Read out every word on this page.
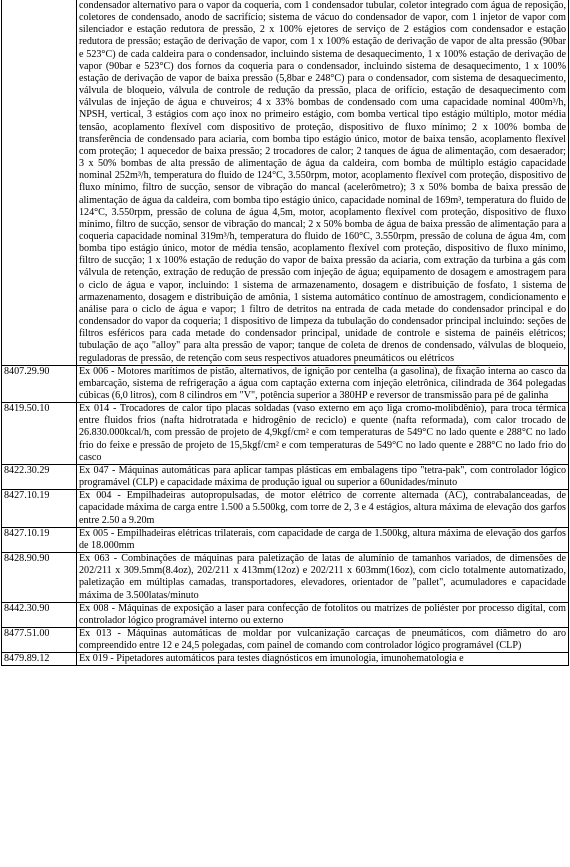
	condensador alternativo para o vapor da coqueria, com 1 condensador tubular, coletor integrado com água de reposição, coletores de condensado, anodo de sacrifício; sistema de vácuo do condensador de vapor, com 1 injetor de vapor com silenciador e estação redutora de pressão, 2 x 100% ejetores de serviço de 2 estágios com condensador e estação redutora de pressão; estação de derivação de vapor, com 1 x 100% estação de derivação de vapor de alta pressão (90bar e 523°C) de cada caldeira para o condensador, incluindo sistema de desaquecimento, 1 x 100% estação de derivação de vapor (90bar e 523°C) dos fornos da coqueria para o condensador, incluindo sistema de desaquecimento, 1 x 100% estação de derivação de vapor de baixa pressão (5,8bar e 248°C) para o condensador, com sistema de desaquecimento, válvula de bloqueio, válvula de controle de redução da pressão, placa de orifício, estação de desaquecimento com válvulas de injeção de água e chuveiros; 4 x 33% bombas de condensado com uma capacidade nominal 400m³/h, NPSH, vertical, 3 estágios com aço inox no primeiro estágio, com bomba vertical tipo estágio múltiplo, motor média tensão, acoplamento flexível com dispositivo de proteção, dispositivo de fluxo mínimo; 2 x 100% bomba de transferência de condensado para aciaria, com bomba tipo estágio único, motor de baixa tensão, acoplamento flexível com proteção; 1 aquecedor de baixa pressão; 2 trocadores de calor; 2 tanques de água de alimentação, com desaerador; 3 x 50% bombas de alta pressão de alimentação de água da caldeira, com bomba de múltiplo estágio capacidade nominal 252m³/h, temperatura do fluido de 124°C, 3.550rpm, motor, acoplamento flexível com proteção, dispositivo de fluxo mínimo, filtro de sucção, sensor de vibração do mancal (acelerômetro); 3 x 50% bomba de baixa pressão de alimentação de água da caldeira, com bomba tipo estágio único, capacidade nominal de 169m³, temperatura do fluido de 124°C, 3.550rpm, pressão de coluna de água 4,5m, motor, acoplamento flexível com proteção, dispositivo de fluxo mínimo, filtro de sucção, sensor de vibração do mancal; 2 x 50% bomba de água de baixa pressão de alimentação para a coqueria capacidade nominal 319m³/h, temperatura do fluido de 160°C, 3.550rpm, pressão de coluna de água 4m, com bomba tipo estágio único, motor de média tensão, acoplamento flexível com proteção, dispositivo de fluxo mínimo, filtro de sucção; 1 x 100% estação de redução do vapor de baixa pressão da aciaria, com extração da turbina a gás com válvula de retenção, extração de redução de pressão com injeção de água; equipamento de dosagem e amostragem para o ciclo de água e vapor, incluindo: 1 sistema de armazenamento, dosagem e distribuição de fosfato, 1 sistema de armazenamento, dosagem e distribuição de amônia, 1 sistema automático contínuo de amostragem, condicionamento e análise para o ciclo de água e vapor; 1 filtro de detritos na entrada de cada metade do condensador principal e do condensador do vapor da coqueria; 1 dispositivo de limpeza da tubulação do condensador principal incluindo: seções de filtros esféricos para cada metade do condensador principal, unidade de controle e sistema de painéis elétricos; tubulação de aço "alloy" para alta pressão de vapor; tanque de coleta de drenos de condensado, válvulas de bloqueio, reguladoras de pressão, de retenção com seus respectivos atuadores pneumáticos ou elétricos
8407.29.90	Ex 006 - Motores marítimos de pistão, alternativos, de ignição por centelha (a gasolina), de fixação interna ao casco da embarcação, sistema de refrigeração a água com captação externa com injeção eletrônica, cilindrada de 364 polegadas cúbicas (6,0 litros), com 8 cilindros em "V", potência superior a 380HP e reversor de transmissão para pé de galinha
8419.50.10	Ex 014 - Trocadores de calor tipo placas soldadas (vaso externo em aço liga cromo-molibdênio), para troca térmica entre fluidos frios (nafta hidrotratada e hidrogênio de reciclo) e quente (nafta reformada), com calor trocado de 26.830.000kcal/h, com pressão de projeto de 4,9kgf/cm² e com temperaturas de 549°C no lado quente e 288°C no lado frio do feixe e pressão de projeto de 15,5kgf/cm² e com temperaturas de 549°C no lado quente e 288°C no lado frio do casco
8422.30.29	Ex 047 - Máquinas automáticas para aplicar tampas plásticas em embalagens tipo "tetra-pak", com controlador lógico programável (CLP) e capacidade máxima de produção igual ou superior a 60unidades/minuto
8427.10.19	Ex 004 - Empilhadeiras autopropulsadas, de motor elétrico de corrente alternada (AC), contrabalanceadas, de capacidade máxima de carga entre 1.500 a 5.500kg, com torre de 2, 3 e 4 estágios, altura máxima de elevação dos garfos entre 2.50 a 9.20m
8427.10.19	Ex 005 - Empilhadeiras elétricas trilaterais, com capacidade de carga de 1.500kg, altura máxima de elevação dos garfos de 18.000mm
8428.90.90	Ex 063 - Combinações de máquinas para paletização de latas de alumínio de tamanhos variados, de dimensões de 202/211 x 309.5mm(8.4oz), 202/211 x 413mm(12oz) e 202/211 x 603mm(16oz), com ciclo totalmente automatizado, paletização em múltiplas camadas, transportadores, elevadores, orientador de "pallet", acumuladores e capacidade máxima de 3.500latas/minuto
8442.30.90	Ex 008 - Máquinas de exposição a laser para confecção de fotolitos ou matrizes de poliéster por processo digital, com controlador lógico programável interno ou externo
8477.51.00	Ex 013 - Máquinas automáticas de moldar por vulcanização carcaças de pneumáticos, com diâmetro do aro compreendido entre 12 e 24,5 polegadas, com painel de comando com controlador lógico programável (CLP)
8479.89.12	Ex 019 - Pipetadores automáticos para testes diagnósticos em imunologia, imunohematologia e
